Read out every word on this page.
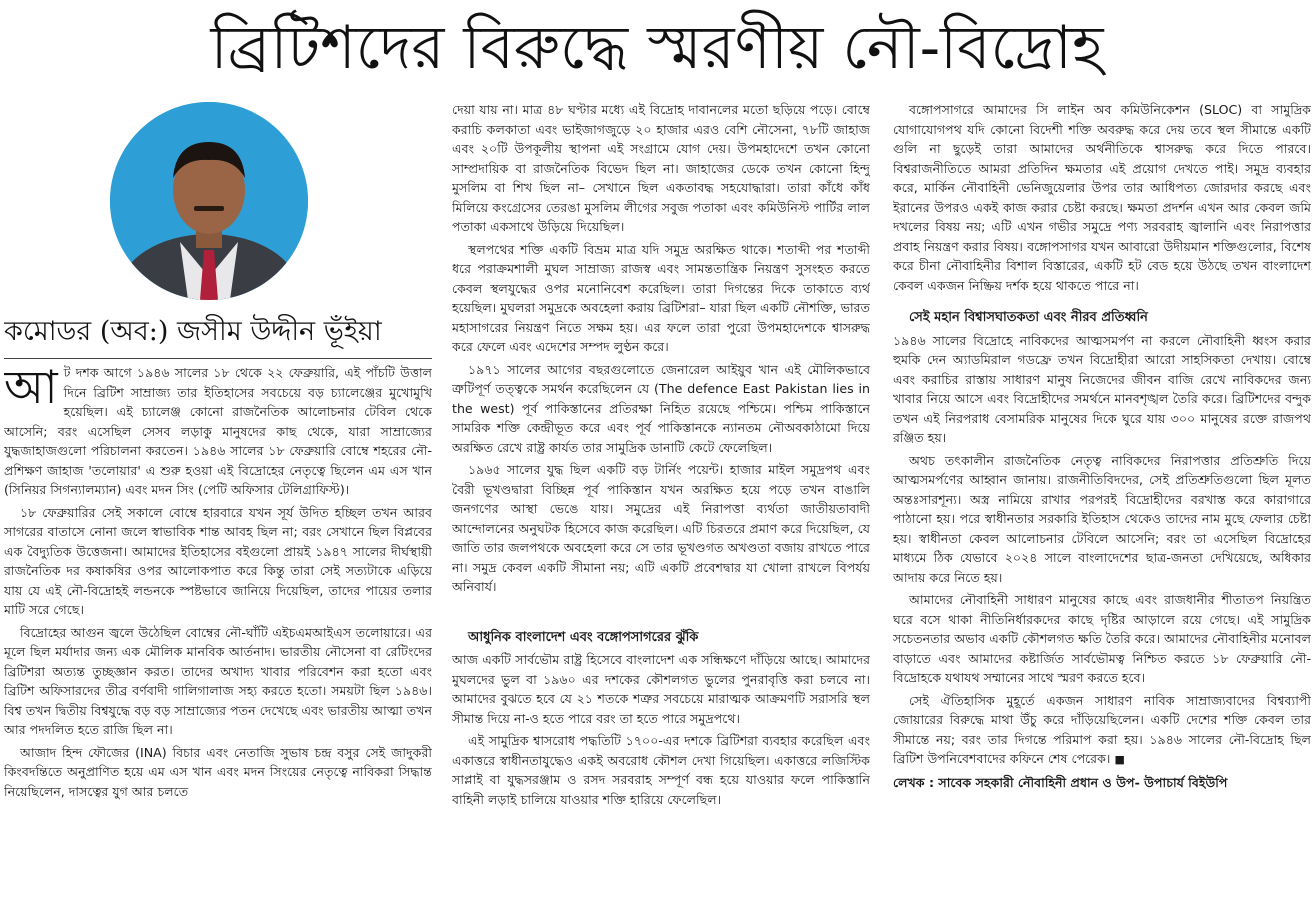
ব্রিটিশদের বিরুদ্ধে স্মরণীয় নৌ-বিদ্রোহ
কমোডর (অব:) জসীম উদ্দীন ভূঁইয়া

আট দশক আগে ১৯৪৬ সালের ১৮ থেকে ২২ ফেব্রুয়ারি, এই পাঁচটি উত্তাল দিনে ব্রিটিশ সাম্রাজ্য তার ইতিহাসের সবচেয়ে বড় চ্যালেঞ্জের মুখোমুখি হয়েছিল। এই চ্যালেঞ্জ কোনো রাজনৈতিক আলোচনার টেবিল থেকে আসেনি; বরং এসেছিল সেসব লড়াকু মানুষদের কাছ থেকে, যারা সাম্রাজ্যের যুদ্ধজাহাজগুলো পরিচালনা করতেন। ১৯৪৬ সালের ১৮ ফেব্রুয়ারি বোম্বে শহরের নৌ-প্রশিক্ষণ জাহাজ 'তলোয়ার' এ শুরু হওয়া এই বিদ্রোহের নেতৃত্বে ছিলেন এম এস খান (সিনিয়র সিগন্যালম্যান) এবং মদন সিং (পেটি অফিসার টেলিগ্রাফিস্ট)।

১৮ ফেব্রুয়ারির সেই সকালে বোম্বে হারবারে যখন সূর্য উদিত হচ্ছিল তখন আরব সাগরের বাতাসে নোনা জলে স্বাভাবিক শান্ত আবহ ছিল না; বরং সেখানে ছিল বিপ্লবের এক বৈদ্যুতিক উত্তেজনা। আমাদের ইতিহাসের বইগুলো প্রায়ই ১৯৪৭ সালের দীর্ঘস্থায়ী রাজনৈতিক দর কষাকষির ওপর আলোকপাত করে কিন্তু তারা সেই সত্যটাকে এড়িয়ে যায় যে এই নৌ-বিদ্রোহই লন্ডনকে স্পষ্টভাবে জানিয়ে দিয়েছিল, তাদের পায়ের তলার মাটি সরে গেছে।

বিদ্রোহের আগুন জ্বলে উঠেছিল বোম্বের নৌ-ঘাঁটি এইচএমআইএস তলোয়ারে। এর মূলে ছিল মর্যাদার জন্য এক মৌলিক মানবিক আর্তনাদ। ভারতীয় নৌসেনা বা রেটিংদের ব্রিটিশরা অত্যন্ত তুচ্ছজ্ঞান করত। তাদের অখাদ্য খাবার পরিবেশন করা হতো এবং ব্রিটিশ অফিসারদের তীব্র বর্ণবাদী গালিগালাজ সহ্য করতে হতো। সময়টা ছিল ১৯৪৬। বিশ্ব তখন দ্বিতীয় বিশ্বযুদ্ধে বড় বড় সাম্রাজ্যের পতন দেখেছে এবং ভারতীয় আত্মা তখন আর পদদলিত হতে রাজি ছিল না।

আজাদ হিন্দ ফৌজের (INA) বিচার এবং নেতাজি সুভাষ চন্দ্র বসুর সেই জাদুকরী কিংবদন্তিতে অনুপ্রাণিত হয়ে এম এস খান এবং মদন সিংয়ের নেতৃত্বে নাবিকরা সিদ্ধান্ত নিয়েছিলেন, দাসত্বের যুগ আর চলতে

দেয়া যায় না। মাত্র ৪৮ ঘণ্টার মধ্যে এই বিদ্রোহ দাবানলের মতো ছড়িয়ে পড়ে। বোম্বে করাচি কলকাতা এবং ভাইজাগজুড়ে ২০ হাজার এরও বেশি নৌসেনা, ৭৮টি জাহাজ এবং ২০টি উপকূলীয় স্থাপনা এই সংগ্রামে যোগ দেয়। উপমহাদেশে তখন কোনো সাম্প্রদায়িক বা রাজনৈতিক বিভেদ ছিল না। জাহাজের ডেকে তখন কোনো হিন্দু মুসলিম বা শিখ ছিল না– সেখানে ছিল একতাবদ্ধ সহযোদ্ধারা। তারা কাঁধে কাঁধ মিলিয়ে কংগ্রেসের তেরঙা মুসলিম লীগের সবুজ পতাকা এবং কমিউনিস্ট পার্টির লাল পতাকা একসাথে উড়িয়ে দিয়েছিল।

স্থলপথের শক্তি একটি বিভ্রম মাত্র যদি সমুদ্র অরক্ষিত থাকে। শতাব্দী পর শতাব্দী ধরে পরাক্রমশালী মুঘল সাম্রাজ্য রাজস্ব এবং সামন্ততান্ত্রিক নিয়ন্ত্রণ সুসংহত করতে কেবল স্থলযুদ্ধের ওপর মনোনিবেশ করেছিল। তারা দিগন্তের দিকে তাকাতে ব্যর্থ হয়েছিল। মুঘলরা সমুদ্রকে অবহেলা করায় ব্রিটিশরা– যারা ছিল একটি নৌশক্তি, ভারত মহাসাগরের নিয়ন্ত্রণ নিতে সক্ষম হয়। এর ফলে তারা পুরো উপমহাদেশকে শ্বাসরুদ্ধ করে ফেলে এবং এদেশের সম্পদ লুণ্ঠন করে।

১৯৭১ সালের আগের বছরগুলোতে জেনারেল আইয়ুব খান এই মৌলিকভাবে ত্রুটিপূর্ণ তত্ত্বকে সমর্থন করেছিলেন যে (The defence East Pakistan lies in the west) পূর্ব পাকিস্তানের প্রতিরক্ষা নিহিত রয়েছে পশ্চিমে। পশ্চিম পাকিস্তানে সামরিক শক্তি কেন্দ্রীভূত করে এবং পূর্ব পাকিস্তানকে ন্যানতম নৌঅবকাঠামো দিয়ে অরক্ষিত রেখে রাষ্ট্র কার্যত তার সামুদ্রিক ডানাটি কেটে ফেলেছিল।

১৯৬৫ সালের যুদ্ধ ছিল একটি বড় টার্নিং পয়েন্ট। হাজার মাইল সমুদ্রপথ এবং বৈরী ভূখণ্ডদ্বারা বিচ্ছিন্ন পূর্ব পাকিস্তান যখন অরক্ষিত হয়ে পড়ে তখন বাঙালি জনগণের আস্থা ভেঙে যায়। সমুদ্রের এই নিরাপত্তা ব্যর্থতা জাতীয়তাবাদী আন্দোলনের অনুঘটক হিসেবে কাজ করেছিল। এটি চিরতরে প্রমাণ করে দিয়েছিল, যে জাতি তার জলপথকে অবহেলা করে সে তার ভূখণ্ডগত অখণ্ডতা বজায় রাখতে পারে না। সমুদ্র কেবল একটি সীমানা নয়; এটি একটি প্রবেশদ্বার যা খোলা রাখলে বিপর্যয় অনিবার্য।

আধুনিক বাংলাদেশ এবং বঙ্গোপসাগরের ঝুঁকি

আজ একটি সার্বভৌম রাষ্ট্র হিসেবে বাংলাদেশ এক সন্ধিক্ষণে দাঁড়িয়ে আছে। আমাদের মুঘলদের ভুল বা ১৯৬০ এর দশকের কৌশলগত ভুলের পুনরাবৃত্তি করা চলবে না। আমাদের বুঝতে হবে যে ২১ শতকে শত্রুর সবচেয়ে মারাত্মক আক্রমণটি সরাসরি স্থল সীমান্ত দিয়ে না-ও হতে পারে বরং তা হতে পারে সমুদ্রপথে।

এই সামুদ্রিক শ্বাসরোধ পদ্ধতিটি ১৭০০-এর দশকে ব্রিটিশরা ব্যবহার করেছিল এবং একাত্তরে স্বাধীনতাযুদ্ধেও একই অবরোধ কৌশল দেখা গিয়েছিল। একাত্তরে লজিস্টিক সাপ্লাই বা যুদ্ধসরঞ্জাম ও রসদ সরবরাহ সম্পূর্ণ বন্ধ হয়ে যাওয়ার ফলে পাকিস্তানি বাহিনী লড়াই চালিয়ে যাওয়ার শক্তি হারিয়ে ফেলেছিল।

বঙ্গোপসাগরে আমাদের সি লাইন অব কমিউনিকেশন (SLOC) বা সামুদ্রিক যোগাযোগপথ যদি কোনো বিদেশী শক্তি অবরুদ্ধ করে দেয় তবে স্থল সীমান্তে একটি গুলি না ছুড়েই তারা আমাদের অর্থনীতিকে শ্বাসরুদ্ধ করে দিতে পারবে। বিশ্বরাজনীতিতে আমরা প্রতিদিন ক্ষমতার এই প্রয়োগ দেখতে পাই। সমুদ্র ব্যবহার করে, মার্কিন নৌবাহিনী ভেনিজুয়েলার উপর তার আধিপত্য জোরদার করছে এবং ইরানের উপরও একই কাজ করার চেষ্টা করছে। ক্ষমতা প্রদর্শন এখন আর কেবল জমি দখলের বিষয় নয়; এটি এখন গভীর সমুদ্রে পণ্য সরবরাহ জ্বালানি এবং নিরাপত্তার প্রবাহ নিয়ন্ত্রণ করার বিষয়। বঙ্গোপসাগর যখন আবারো উদীয়মান শক্তিগুলোর, বিশেষ করে চীনা নৌবাহিনীর বিশাল বিস্তারের, একটি হট বেড হয়ে উঠছে তখন বাংলাদেশ কেবল একজন নিষ্ক্রিয় দর্শক হয়ে থাকতে পারে না।

সেই মহান বিশ্বাসঘাতকতা এবং নীরব প্রতিধ্বনি

১৯৪৬ সালের বিদ্রোহে নাবিকদের আত্মসমর্পণ না করলে নৌবাহিনী ধ্বংস করার হুমকি দেন অ্যাডমিরাল গডফ্রে তখন বিদ্রোহীরা আরো সাহসিকতা দেখায়। বোম্বে এবং করাচির রাস্তায় সাধারণ মানুষ নিজেদের জীবন বাজি রেখে নাবিকদের জন্য খাবার নিয়ে আসে এবং বিদ্রোহীদের সমর্থনে মানবশৃঙ্খল তৈরি করে। ব্রিটিশদের বন্দুক তখন এই নিরপরাধ বেসামরিক মানুষের দিকে ঘুরে যায় ৩০০ মানুষের রক্তে রাজপথ রঞ্জিত হয়।

অথচ তৎকালীন রাজনৈতিক নেতৃত্ব নাবিকদের নিরাপত্তার প্রতিশ্রুতি দিয়ে আত্মসমর্পণের আহ্বান জানায়। রাজনীতিবিদদের, সেই প্রতিশ্রুতিগুলো ছিল মূলত অন্তঃসারশূন্য। অস্ত্র নামিয়ে রাখার পরপরই বিদ্রোহীদের বরখাস্ত করে কারাগারে পাঠানো হয়। পরে স্বাধীনতার সরকারি ইতিহাস থেকেও তাদের নাম মুছে ফেলার চেষ্টা হয়। স্বাধীনতা কেবল আলোচনার টেবিলে আসেনি; বরং তা এসেছিল বিদ্রোহের মাধ্যমে ঠিক যেভাবে ২০২৪ সালে বাংলাদেশের ছাত্র-জনতা দেখিয়েছে, অধিকার আদায় করে নিতে হয়।

আমাদের নৌবাহিনী সাধারণ মানুষের কাছে এবং রাজধানীর শীতাতপ নিয়ন্ত্রিত ঘরে বসে থাকা নীতিনির্ধারকদের কাছে দৃষ্টির আড়ালে রয়ে গেছে। এই সামুদ্রিক সচেতনতার অভাব একটি কৌশলগত ক্ষতি তৈরি করে। আমাদের নৌবাহিনীর মনোবল বাড়াতে এবং আমাদের কষ্টার্জিত সার্বভৌমত্ব নিশ্চিত করতে ১৮ ফেব্রুয়ারি নৌ-বিদ্রোহকে যথাযথ সম্মানের সাথে স্মরণ করতে হবে।

সেই ঐতিহাসিক মুহূর্তে একজন সাধারণ নাবিক সাম্রাজ্যবাদের বিশ্বব্যাপী জোয়ারের বিরুদ্ধে মাথা উঁচু করে দাঁড়িয়েছিলেন। একটি দেশের শক্তি কেবল তার সীমান্তে নয়; বরং তার দিগন্তে পরিমাপ করা হয়। ১৯৪৬ সালের নৌ-বিদ্রোহ ছিল ব্রিটিশ উপনিবেশবাদের কফিনে শেষ পেরেক। ■

লেখক : সাবেক সহকারী নৌবাহিনী প্রধান ও উপ- উপাচার্য বিইউপি
